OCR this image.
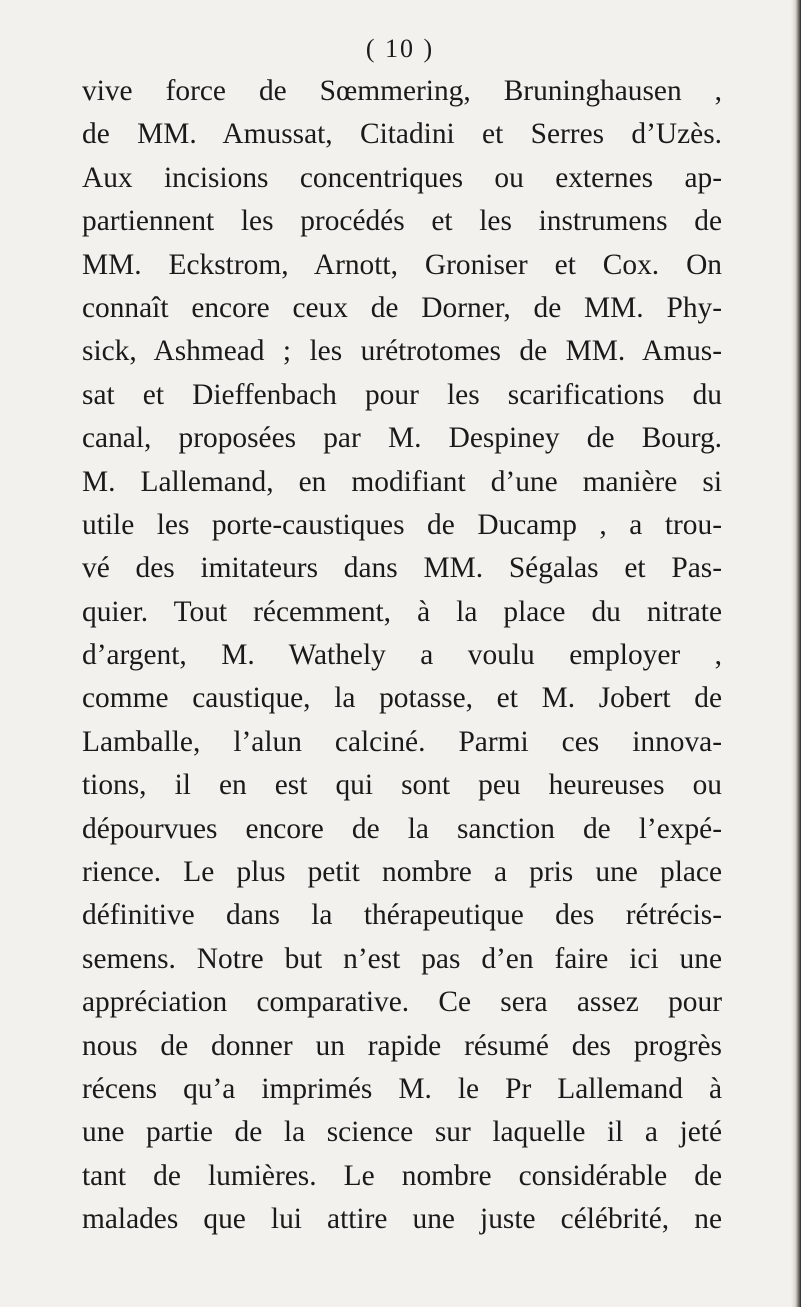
( 10 )
vive force de Sœmmering, Bruninghausen ,
de MM. Amussat, Citadini et Serres d’Uzès.
Aux incisions concentriques ou externes ap-
partiennent les procédés et les instrumens de
MM. Eckstrom, Arnott, Groniser et Cox. On
connaît encore ceux de Dorner, de MM. Phy-
sick, Ashmead ; les urétrotomes de MM. Amus-
sat et Dieffenbach pour les scarifications du
canal, proposées par M. Despiney de Bourg.
M. Lallemand, en modifiant d’une manière si
utile les porte-caustiques de Ducamp , a trou-
vé des imitateurs dans MM. Ségalas et Pas-
quier. Tout récemment, à la place du nitrate
d’argent, M. Wathely a voulu employer ,
comme caustique, la potasse, et M. Jobert de
Lamballe, l’alun calciné. Parmi ces innova-
tions, il en est qui sont peu heureuses ou
dépourvues encore de la sanction de l’expé-
rience. Le plus petit nombre a pris une place
définitive dans la thérapeutique des rétrécis-
semens. Notre but n’est pas d’en faire ici une
appréciation comparative. Ce sera assez pour
nous de donner un rapide résumé des progrès
récens qu’a imprimés M. le Pr Lallemand à
une partie de la science sur laquelle il a jeté
tant de lumières. Le nombre considérable de
malades que lui attire une juste célébrité, ne
